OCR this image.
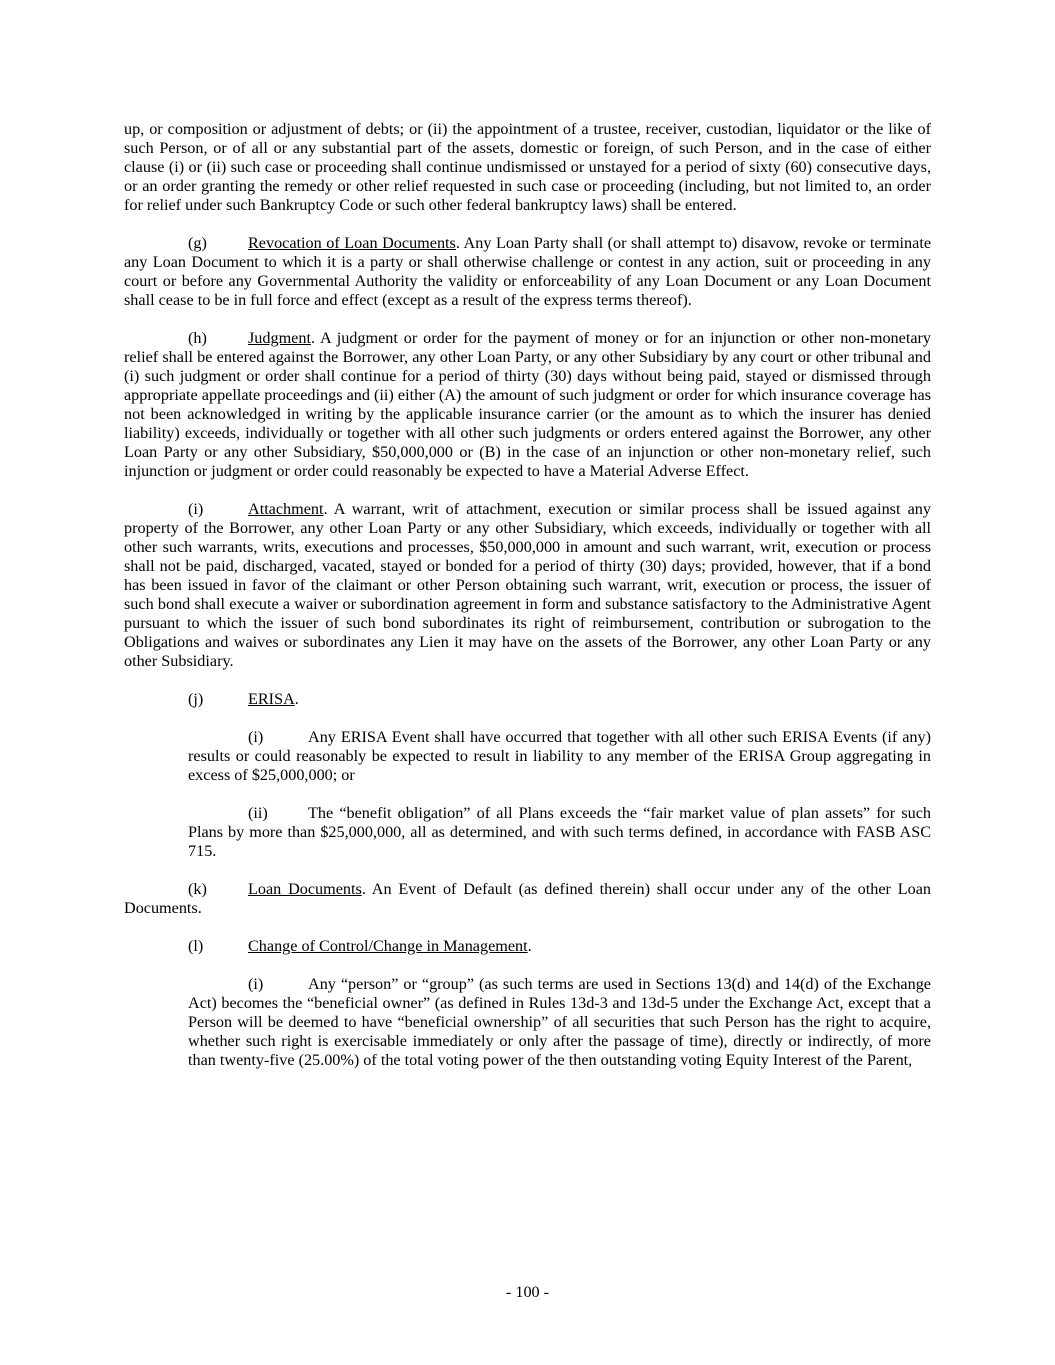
up, or composition or adjustment of debts; or (ii) the appointment of a trustee, receiver, custodian, liquidator or the like of such Person, or of all or any substantial part of the assets, domestic or foreign, of such Person, and in the case of either clause (i) or (ii) such case or proceeding shall continue undismissed or unstayed for a period of sixty (60) consecutive days, or an order granting the remedy or other relief requested in such case or proceeding (including, but not limited to, an order for relief under such Bankruptcy Code or such other federal bankruptcy laws) shall be entered.

(g)	Revocation of Loan Documents. Any Loan Party shall (or shall attempt to) disavow, revoke or terminate any Loan Document to which it is a party or shall otherwise challenge or contest in any action, suit or proceeding in any court or before any Governmental Authority the validity or enforceability of any Loan Document or any Loan Document shall cease to be in full force and effect (except as a result of the express terms thereof).

(h)	Judgment. A judgment or order for the payment of money or for an injunction or other non-monetary relief shall be entered against the Borrower, any other Loan Party, or any other Subsidiary by any court or other tribunal and (i) such judgment or order shall continue for a period of thirty (30) days without being paid, stayed or dismissed through appropriate appellate proceedings and (ii) either (A) the amount of such judgment or order for which insurance coverage has not been acknowledged in writing by the applicable insurance carrier (or the amount as to which the insurer has denied liability) exceeds, individually or together with all other such judgments or orders entered against the Borrower, any other Loan Party or any other Subsidiary, $50,000,000 or (B) in the case of an injunction or other non-monetary relief, such injunction or judgment or order could reasonably be expected to have a Material Adverse Effect.

(i)	Attachment. A warrant, writ of attachment, execution or similar process shall be issued against any property of the Borrower, any other Loan Party or any other Subsidiary, which exceeds, individually or together with all other such warrants, writs, executions and processes, $50,000,000 in amount and such warrant, writ, execution or process shall not be paid, discharged, vacated, stayed or bonded for a period of thirty (30) days; provided, however, that if a bond has been issued in favor of the claimant or other Person obtaining such warrant, writ, execution or process, the issuer of such bond shall execute a waiver or subordination agreement in form and substance satisfactory to the Administrative Agent pursuant to which the issuer of such bond subordinates its right of reimbursement, contribution or subrogation to the Obligations and waives or subordinates any Lien it may have on the assets of the Borrower, any other Loan Party or any other Subsidiary.

(j)	ERISA.

(i)	Any ERISA Event shall have occurred that together with all other such ERISA Events (if any) results or could reasonably be expected to result in liability to any member of the ERISA Group aggregating in excess of $25,000,000; or

(ii) The “benefit obligation” of all Plans exceeds the “fair market value of plan assets” for such Plans by more than $25,000,000, all as determined, and with such terms defined, in accordance with FASB ASC 715.

(k)	Loan Documents. An Event of Default (as defined therein) shall occur under any of the other Loan Documents.

(l)	Change of Control/Change in Management.

(i)	Any “person” or “group” (as such terms are used in Sections 13(d) and 14(d) of the Exchange Act) becomes the “beneficial owner” (as defined in Rules 13d-3 and 13d-5 under the Exchange Act, except that a Person will be deemed to have “beneficial ownership” of all securities that such Person has the right to acquire, whether such right is exercisable immediately or only after the passage of time), directly or indirectly, of more than twenty-five (25.00%) of the total voting power of the then outstanding voting Equity Interest of the Parent,

- 100 -
